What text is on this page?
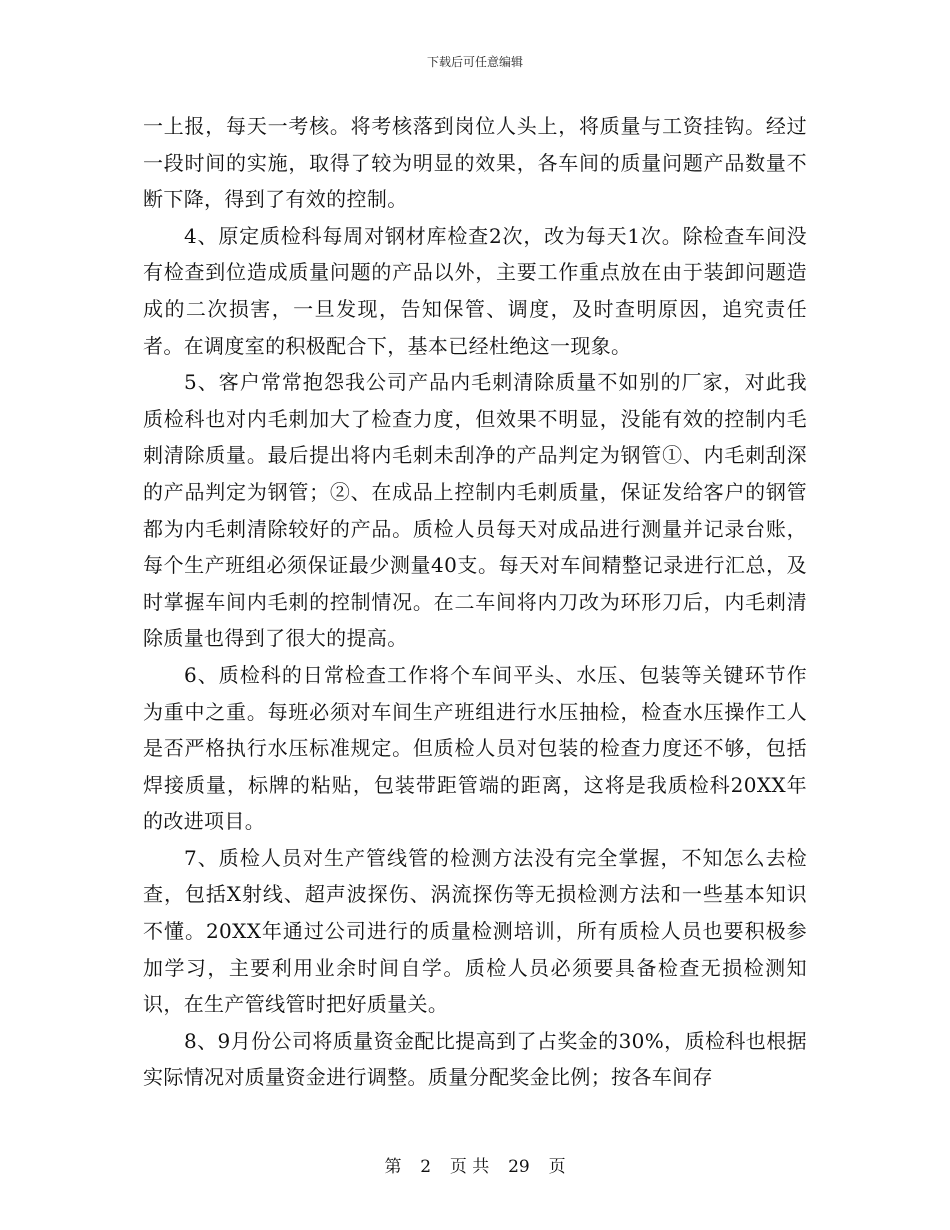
下载后可任意编辑

一上报，每天一考核。将考核落到岗位人头上，将质量与工资挂钩。经过一段时间的实施，取得了较为明显的效果，各车间的质量问题产品数量不断下降，得到了有效的控制。

4、原定质检科每周对钢材库检查2次，改为每天1次。除检查车间没有检查到位造成质量问题的产品以外，主要工作重点放在由于装卸问题造成的二次损害，一旦发现，告知保管、调度，及时查明原因，追究责任者。在调度室的积极配合下，基本已经杜绝这一现象。

5、客户常常抱怨我公司产品内毛刺清除质量不如别的厂家，对此我质检科也对内毛刺加大了检查力度，但效果不明显，没能有效的控制内毛刺清除质量。最后提出将内毛刺未刮净的产品判定为钢管①、内毛刺刮深的产品判定为钢管；②、在成品上控制内毛刺质量，保证发给客户的钢管都为内毛刺清除较好的产品。质检人员每天对成品进行测量并记录台账，每个生产班组必须保证最少测量40支。每天对车间精整记录进行汇总，及时掌握车间内毛刺的控制情况。在二车间将内刀改为环形刀后，内毛刺清除质量也得到了很大的提高。

6、质检科的日常检查工作将个车间平头、水压、包装等关键环节作为重中之重。每班必须对车间生产班组进行水压抽检，检查水压操作工人是否严格执行水压标准规定。但质检人员对包装的检查力度还不够，包括焊接质量，标牌的粘贴，包装带距管端的距离，这将是我质检科20XX年的改进项目。

7、质检人员对生产管线管的检测方法没有完全掌握，不知怎么去检查，包括X射线、超声波探伤、涡流探伤等无损检测方法和一些基本知识不懂。20XX年通过公司进行的质量检测培训，所有质检人员也要积极参加学习，主要利用业余时间自学。质检人员必须要具备检查无损检测知识，在生产管线管时把好质量关。

8、9月份公司将质量资金配比提高到了占奖金的30%，质检科也根据实际情况对质量资金进行调整。质量分配奖金比例；按各车间存

第 2 页 共 29 页
